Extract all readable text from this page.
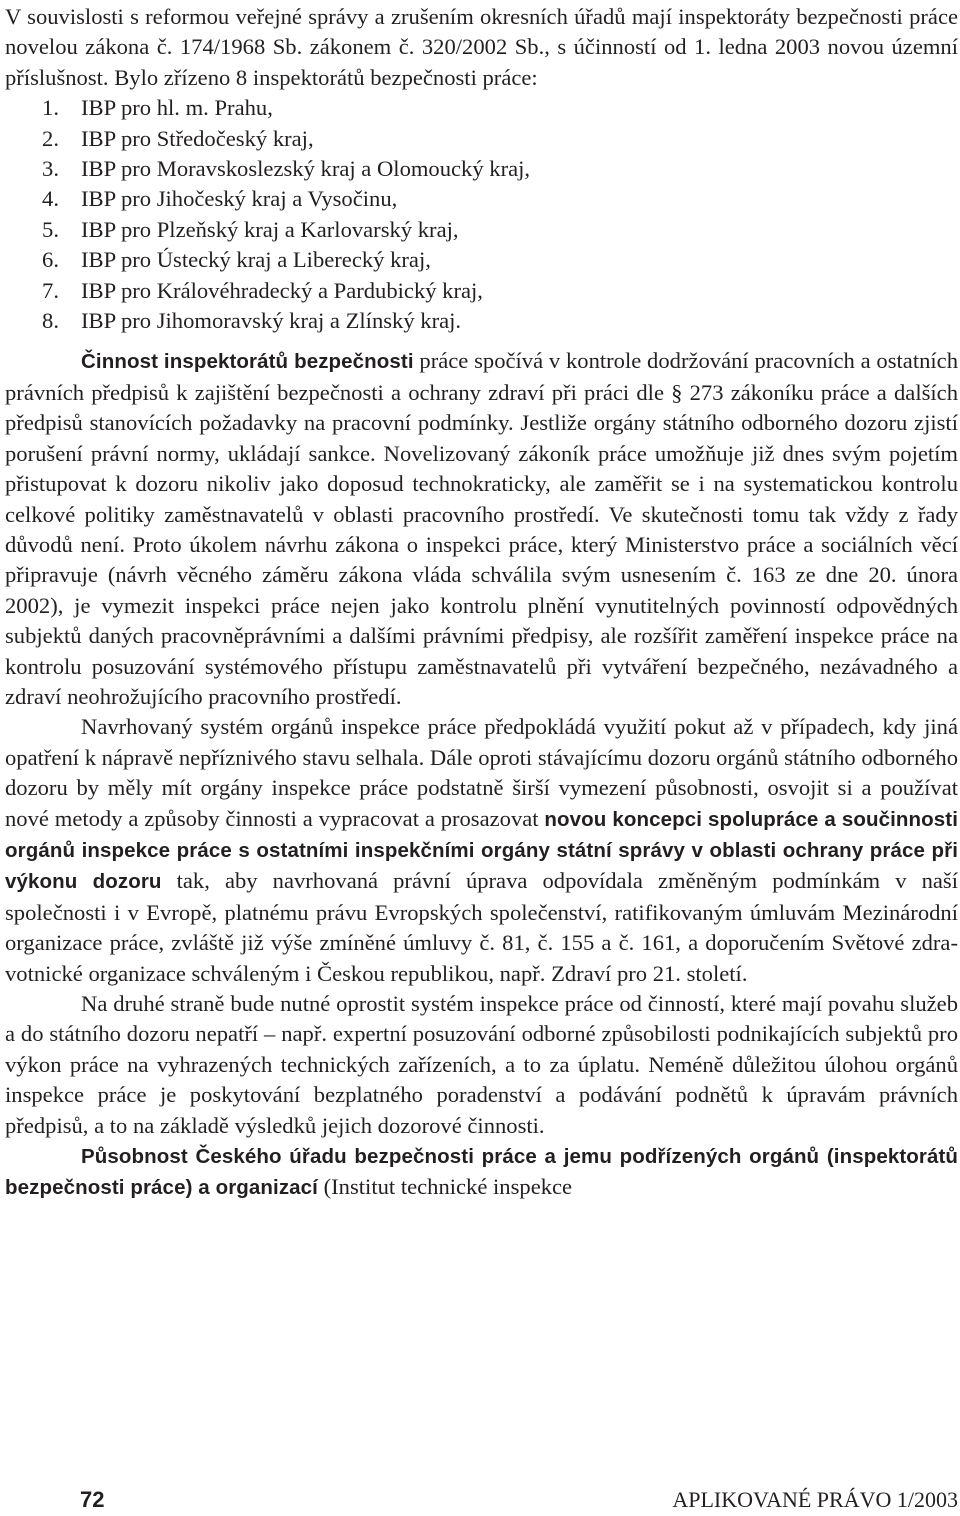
V souvislosti s reformou veřejné správy a zrušením okresních úřadů mají inspektoráty bezpečnosti práce novelou zákona č. 174/1968 Sb. zákonem č. 320/2002 Sb., s účinností od 1. ledna 2003 novou územní příslušnost. Bylo zřízeno 8 inspektorátů bezpečnosti práce:

1. IBP pro hl. m. Prahu,
2. IBP pro Středočeský kraj,
3. IBP pro Moravskoslezský kraj a Olomoucký kraj,
4. IBP pro Jihočeský kraj a Vysočinu,
5. IBP pro Plzeňský kraj a Karlovarský kraj,
6. IBP pro Ústecký kraj a Liberecký kraj,
7. IBP pro Královéhradecký a Pardubický kraj,
8. IBP pro Jihomoravský kraj a Zlínský kraj.

Činnost inspektorátů bezpečnosti práce spočívá v kontrole dodržování pracovních a ostatních právních předpisů k zajištění bezpečnosti a ochrany zdraví při práci dle § 273 zákoníku práce a dalších předpisů stanovících požadavky na pracovní podmínky. Jestliže orgány státního odborného dozoru zjistí porušení právní normy, ukládají sankce. Novelizovaný zákoník práce umožňuje již dnes svým pojetím přistupovat k dozoru nikoliv jako doposud technokraticky, ale zaměřit se i na systematickou kontrolu celkové politiky zaměstnavatelů v oblasti pracovního prostředí. Ve skutečnosti tomu tak vždy z řady důvodů není. Proto úkolem návrhu zákona o inspekci práce, který Ministerstvo práce a sociálních věcí připravuje (návrh věcného záměru zákona vláda schválila svým usnesením č. 163 ze dne 20. února 2002), je vymezit inspekci práce nejen jako kontrolu plnění vynutitelných povinností odpovědných subjektů daných pracovněprávními a dalšími právními předpisy, ale rozšířit zaměření inspekce práce na kontrolu posuzování systémového přístupu zaměstnavatelů při vytváření bezpečného, nezávadného a zdraví neohrožujícího pracovního prostředí.

Navrhovaný systém orgánů inspekce práce předpokládá využití pokut až v případech, kdy jiná opatření k nápravě nepříznivého stavu selhala. Dále oproti stávajícímu dozoru orgánů státního odborného dozoru by měly mít orgány inspekce práce podstatně širší vymezení působnosti, osvojit si a používat nové metody a způsoby činnosti a vypracovat a prosazovat novou koncepci spolupráce a součinnosti orgánů inspekce práce s ostatními inspekčními orgány státní správy v oblasti ochrany práce při výkonu dozoru tak, aby navrhovaná právní úprava odpovídala změněným podmínkám v naší společnosti i v Evropě, platnému právu Evropských společenství, ratifikovaným úmluvám Mezinárodní organizace práce, zvláště již výše zmíněné úmluvy č. 81, č. 155 a č. 161, a doporučením Světové zdravotnické organizace schváleným i Českou republikou, např. Zdraví pro 21. století.

Na druhé straně bude nutné oprostit systém inspekce práce od činností, které mají povahu služeb a do státního dozoru nepatří – např. expertní posuzování odborné způsobilosti podnikajících subjektů pro výkon práce na vyhrazených technických zařízeních, a to za úplatu. Neméně důležitou úlohou orgánů inspekce práce je poskytování bezplatného poradenství a podávání podnětů k úpravám právních předpisů, a to na základě výsledků jejich dozorové činnosti.

Působnost Českého úřadu bezpečnosti práce a jemu podřízených orgánů (inspektorátů bezpečnosti práce) a organizací (Institut technické inspekce

72	APLIKOVANÉ PRÁVO 1/2003
